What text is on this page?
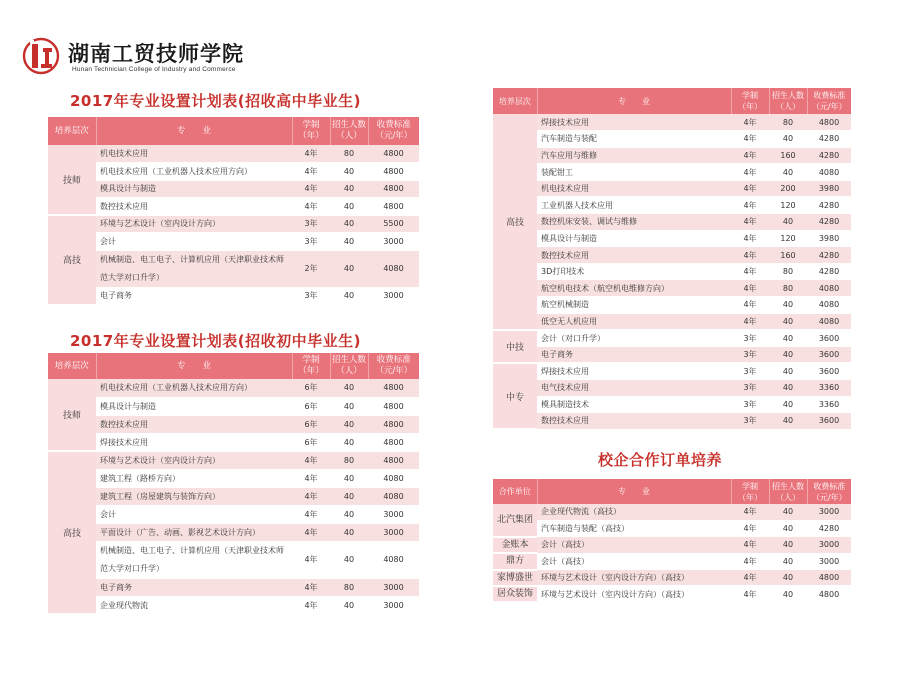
湖南工贸技师学院
Hunan Technician College of Industry and Commerce
2017年专业设置计划表(招收高中毕业生)
2017年专业设置计划表(招收初中毕业生)
校企合作订单培养
培养层次	专　　业	学制（年）	招生人数（人）	收费标准（元/年）
技师	机电技术应用	4年	80	4800
	机电技术应用（工业机器人技术应用方向）	4年	40	4800
	模具设计与制造	4年	40	4800
	数控技术应用	4年	40	4800
高技	环境与艺术设计（室内设计方向）	3年	40	5500
	会计	3年	40	3000
	机械制造、电工电子、计算机应用（天津职业技术师范大学对口升学）	2年	40	4080
	电子商务	3年	40	3000
培养层次	专　　业	学制（年）	招生人数（人）	收费标准（元/年）
技师	机电技术应用（工业机器人技术应用方向）	6年	40	4800
	模具设计与制造	6年	40	4800
	数控技术应用	6年	40	4800
	焊接技术应用	6年	40	4800
高技	环境与艺术设计（室内设计方向）	4年	80	4800
	建筑工程（路桥方向）	4年	40	4080
	建筑工程（房屋建筑与装饰方向）	4年	40	4080
	会计	4年	40	3000
	平面设计（广告、动画、影视艺术设计方向）	4年	40	3000
	机械制造、电工电子、计算机应用（天津职业技术师范大学对口升学）	4年	40	4080
	电子商务	4年	80	3000
	企业现代物流	4年	40	3000
培养层次	专　　业	学制（年）	招生人数（人）	收费标准（元/年）
高技	焊接技术应用	4年	80	4800
	汽车制造与装配	4年	40	4280
	汽车应用与维修	4年	160	4280
	装配钳工	4年	40	4080
	机电技术应用	4年	200	3980
	工业机器人技术应用	4年	120	4280
	数控机床安装、调试与维修	4年	40	4280
	模具设计与制造	4年	120	3980
	数控技术应用	4年	160	4280
	3D打印技术	4年	80	4280
	航空机电技术（航空机电维修方向）	4年	80	4080
	航空机械制造	4年	40	4080
	低空无人机应用	4年	40	4080
中技	会计（对口升学）	3年	40	3600
	电子商务	3年	40	3600
中专	焊接技术应用	3年	40	3600
	电气技术应用	3年	40	3360
	模具制造技术	3年	40	3360
	数控技术应用	3年	40	3600
合作单位	专　　业	学制（年）	招生人数（人）	收费标准（元/年）
北汽集团	企业现代物流（高技）	4年	40	3000
	汽车制造与装配（高技）	4年	40	4280
金账本	会计（高技）	4年	40	3000
鼎方	会计（高技）	4年	40	3000
家博盛世	环境与艺术设计（室内设计方向）（高技）	4年	40	4800
居众装饰	环境与艺术设计（室内设计方向）（高技）	4年	40	4800
